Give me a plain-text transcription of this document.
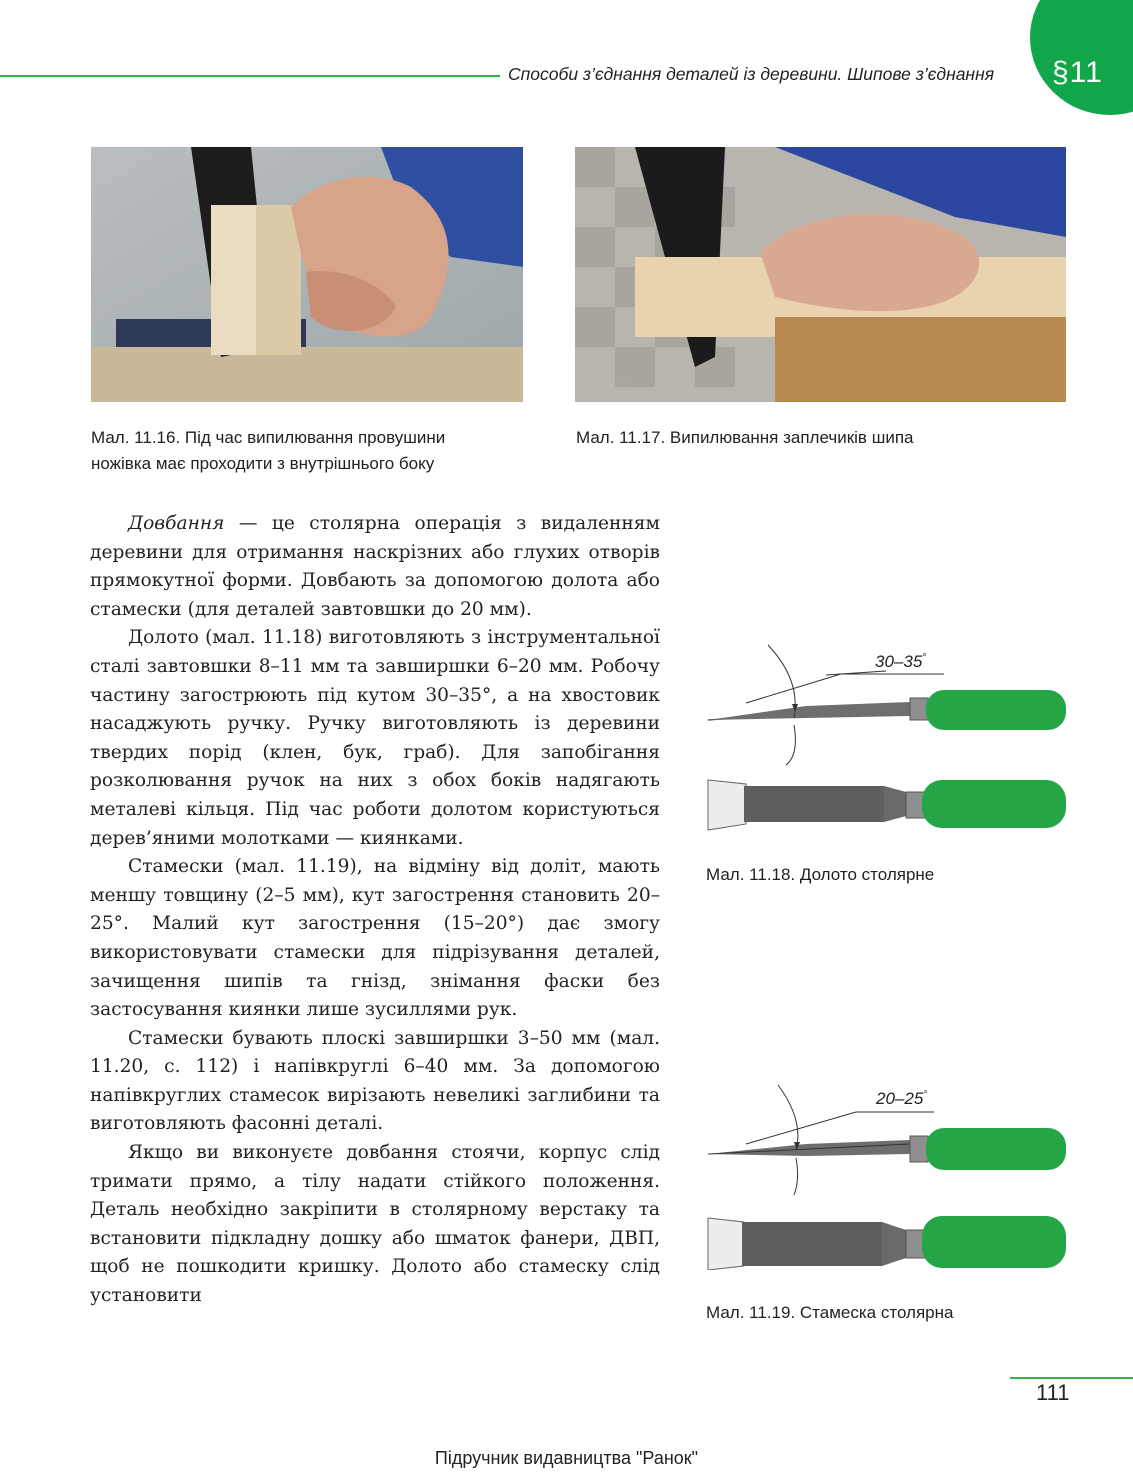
Способи з’єднання деталей із деревини. Шипове з’єднання	§11
Мал. 11.16. Під час випилювання провушини
ножівка має проходити з внутрішнього боку
Мал. 11.17. Випилювання заплечиків шипа

Довбання — це столярна операція з видаленням деревини для отримання наскрізних або глухих отворів прямокутної форми. Довбають за допомогою долота або стамески (для деталей завтовшки до 20 мм).

Долото (мал. 11.18) виготовляють з інструментальної сталі завтовшки 8–11 мм та завширшки 6–20 мм. Робочу частину загострюють під кутом 30–35°, а на хвостовик насаджують ручку. Ручку виготовляють із деревини твердих порід (клен, бук, граб). Для запобігання розколювання ручок на них з обох боків надягають металеві кільця. Під час роботи долотом користуються дерев’яними молотками — киянками.

Стамески (мал. 11.19), на відміну від доліт, мають меншу товщину (2–5 мм), кут загострення становить 20–25°. Малий кут загострення (15–20°) дає змогу використовувати стамески для підрізування деталей, зачищення шипів та гнізд, знімання фаски без застосування киянки лише зусиллями рук.

Стамески бувають плоскі завширшки 3–50 мм (мал. 11.20, с. 112) і напівкруглі 6–40 мм. За допомогою напівкруглих стамесок вирізають невеликі заглибини та виготовляють фасонні деталі.

Якщо ви виконуєте довбання стоячи, корпус слід тримати прямо, а тілу надати стійкого положення. Деталь необхідно закріпити в столярному верстаку та встановити підкладну дошку або шматок фанери, ДВП, щоб не пошкодити кришку. Долото або стамеску слід установити

30–35°
Мал. 11.18. Долото столярне
20–25°
Мал. 11.19. Стамеска столярна
111
Підручник видавництва "Ранок"
